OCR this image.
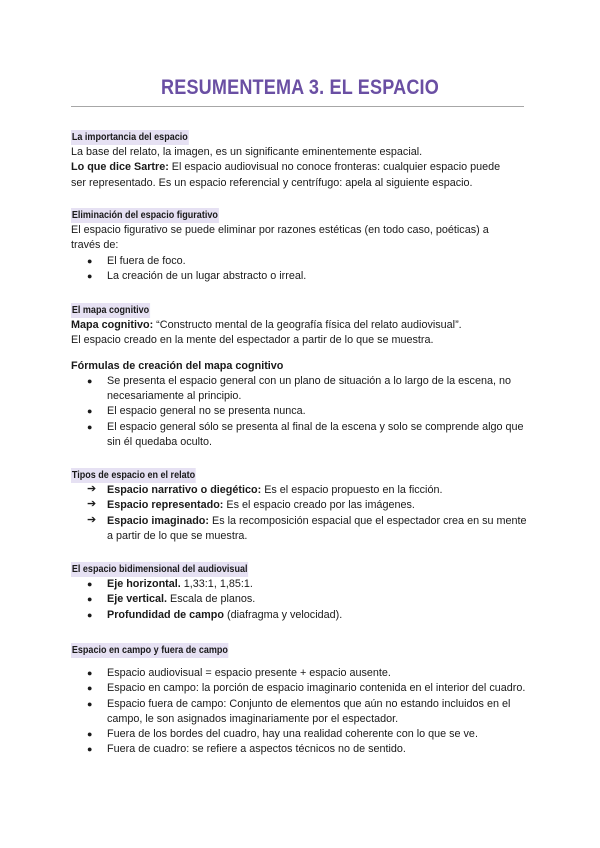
RESUMENTEMA 3. EL ESPACIO
La importancia del espacio

La base del relato, la imagen, es un significante eminentemente espacial.

Lo que dice Sartre: El espacio audiovisual no conoce fronteras: cualquier espacio puede

ser representado. Es un espacio referencial y centrífugo: apela al siguiente espacio.

Eliminación del espacio figurativo

El espacio figurativo se puede eliminar por razones estéticas (en todo caso, poéticas) a

través de:

● El fuera de foco.
● La creación de un lugar abstracto o irreal.
El mapa cognitivo

Mapa cognitivo: “Constructo mental de la geografía física del relato audiovisual”.

El espacio creado en la mente del espectador a partir de lo que se muestra.

Fórmulas de creación del mapa cognitivo

● Se presenta el espacio general con un plano de situación a lo largo de la escena, no necesariamente al principio.
● El espacio general no se presenta nunca.
● El espacio general sólo se presenta al final de la escena y solo se comprende algo que sin él quedaba oculto.
Tipos de espacio en el relato
➔ Espacio narrativo o diegético: Es el espacio propuesto en la ficción.
➔ Espacio representado: Es el espacio creado por las imágenes.
➔ Espacio imaginado: Es la recomposición espacial que el espectador crea en su mente a partir de lo que se muestra.
El espacio bidimensional del audiovisual
● Eje horizontal. 1,33:1, 1,85:1.
● Eje vertical. Escala de planos.
● Profundidad de campo (diafragma y velocidad).
Espacio en campo y fuera de campo
● Espacio audiovisual = espacio presente + espacio ausente.
● Espacio en campo: la porción de espacio imaginario contenida en el interior del cuadro.
● Espacio fuera de campo: Conjunto de elementos que aún no estando incluidos en el campo, le son asignados imaginariamente por el espectador.
● Fuera de los bordes del cuadro, hay una realidad coherente con lo que se ve.
● Fuera de cuadro: se refiere a aspectos técnicos no de sentido.
